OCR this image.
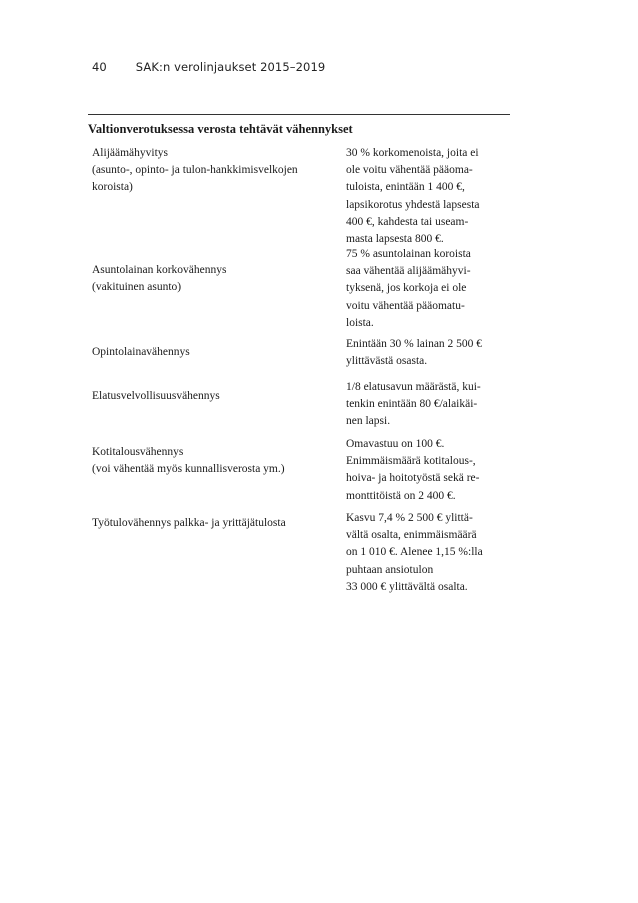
40	SAK:n verolinjaukset 2015–2019
Valtionverotuksessa verosta tehtävät vähennykset
Alijäämähyvitys
(asunto-, opinto- ja tulon-hankkimisvelkojen
koroista)
30 % korkomenoista, joita ei
ole voitu vähentää pääoma-
tuloista, enintään 1 400 €,
lapsikorotus yhdestä lapsesta
400 €, kahdesta tai useam-
masta lapsesta 800 €.
Asuntolainan korkovähennys
(vakituinen asunto)
75 % asuntolainan koroista
saa vähentää alijäämähyvi-
tyksenä, jos korkoja ei ole
voitu vähentää pääomatu-
loista.
Opintolainavähennys
Enintään 30 % lainan 2 500 €
ylittävästä osasta.
Elatusvelvollisuusvähennys
1/8 elatusavun määrästä, kui-
tenkin enintään 80 €/alaikäi-
nen lapsi.
Kotitalousvähennys
(voi vähentää myös kunnallisverosta ym.)
Omavastuu on 100 €.
Enimmäismäärä kotitalous-,
hoiva- ja hoitotyöstä sekä re-
monttitöistä on 2 400 €.
Työtulovähennys palkka- ja yrittäjätulosta	Kasvu 7,4 % 2 500 € ylittä-
vältä osalta, enimmäismäärä
on 1 010 €. Alenee 1,15 %:lla
puhtaan ansiotulon
33 000 € ylittävältä osalta.
